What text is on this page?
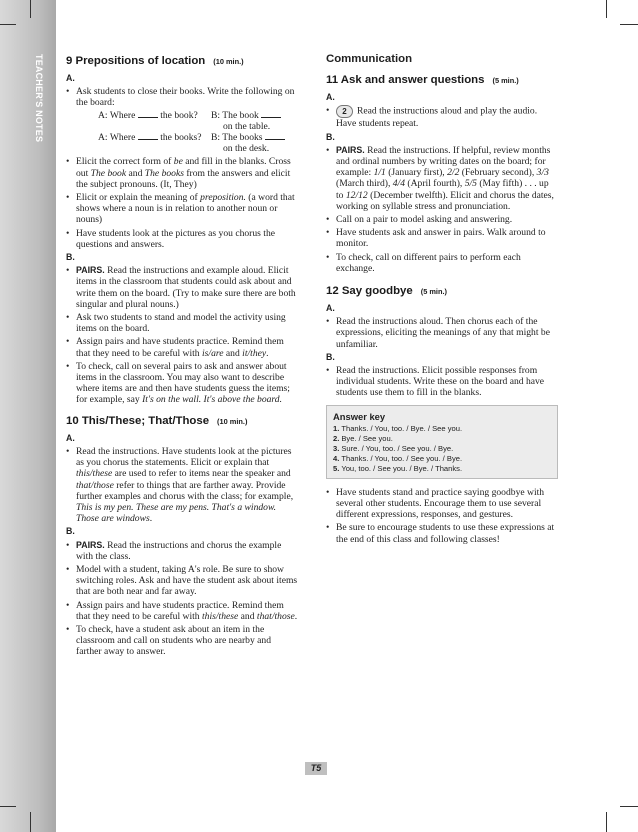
TEACHER'S NOTES 9 Prepositions of location (10 min.)
A.
• Ask students to close their books. Write the following on the board:
A: Where	the book?	B: The book
on the table.
A: Where	the books? B: The books
on the desk.
• Elicit the correct form of be and fill in the blanks. Cross out The book and The books from the answers and elicit the subject pronouns. (It, They)
• Elicit or explain the meaning of preposition. (a word that shows where a noun is in relation to another noun or nouns)
• Have students look at the pictures as you chorus the questions and answers.
B.
• PAIRS. Read the instructions and example aloud. Elicit items in the classroom that students could ask about and write them on the board. (Try to make sure there are both singular and plural nouns.)
• Ask two students to stand and model the activity using items on the board.
• Assign pairs and have students practice. Remind them that they need to be careful with is/are and it/they.
• To check, call on several pairs to ask and answer about items in the classroom. You may also want to describe where items are and then have students guess the items; for example, say It's on the wall. It's above the board.
10 This/These; That/Those (10 min.)
A.
• Read the instructions. Have students look at the pictures as you chorus the statements. Elicit or explain that this/these are used to refer to items near the speaker and that/those refer to things that are farther away. Provide further examples and chorus with the class; for example, This is my pen. These are my pens. That's a window. Those are windows.
B.
• PAIRS. Read the instructions and chorus the example with the class.
• Model with a student, taking A's role. Be sure to show switching roles. Ask and have the student ask about items that are both near and far away.
• Assign pairs and have students practice. Remind them that they need to be careful with this/these and that/those.
• To check, have a student ask about an item in the classroom and call on students who are nearby and farther away to answer.
Communication
11 Ask and answer questions (5 min.)
A.
• 2 Read the instructions aloud and play the audio. Have students repeat.
B.
• PAIRS. Read the instructions. If helpful, review months and ordinal numbers by writing dates on the board; for example: 1/1 (January first), 2/2 (February second), 3/3 (March third), 4/4 (April fourth), 5/5 (May fifth) . . . up to 12/12 (December twelfth). Elicit and chorus the dates, working on syllable stress and pronunciation.
• Call on a pair to model asking and answering.
• Have students ask and answer in pairs. Walk around to monitor.
• To check, call on different pairs to perform each exchange.
12 Say goodbye (5 min.)
A.
• Read the instructions aloud. Then chorus each of the expressions, eliciting the meanings of any that might be unfamiliar.
B.
• Read the instructions. Elicit possible responses from individual students. Write these on the board and have students use them to fill in the blanks.
Answer key
1. Thanks. / You, too. / Bye. / See you.
2. Bye. / See you.
3. Sure. / You, too. / See you. / Bye.
4. Thanks. / You, too. / See you. / Bye.
5. You, too. / See you. / Bye. / Thanks.
• Have students stand and practice saying goodbye with several other students. Encourage them to use several different expressions, responses, and gestures.
• Be sure to encourage students to use these expressions at the end of this class and following classes!
T5
